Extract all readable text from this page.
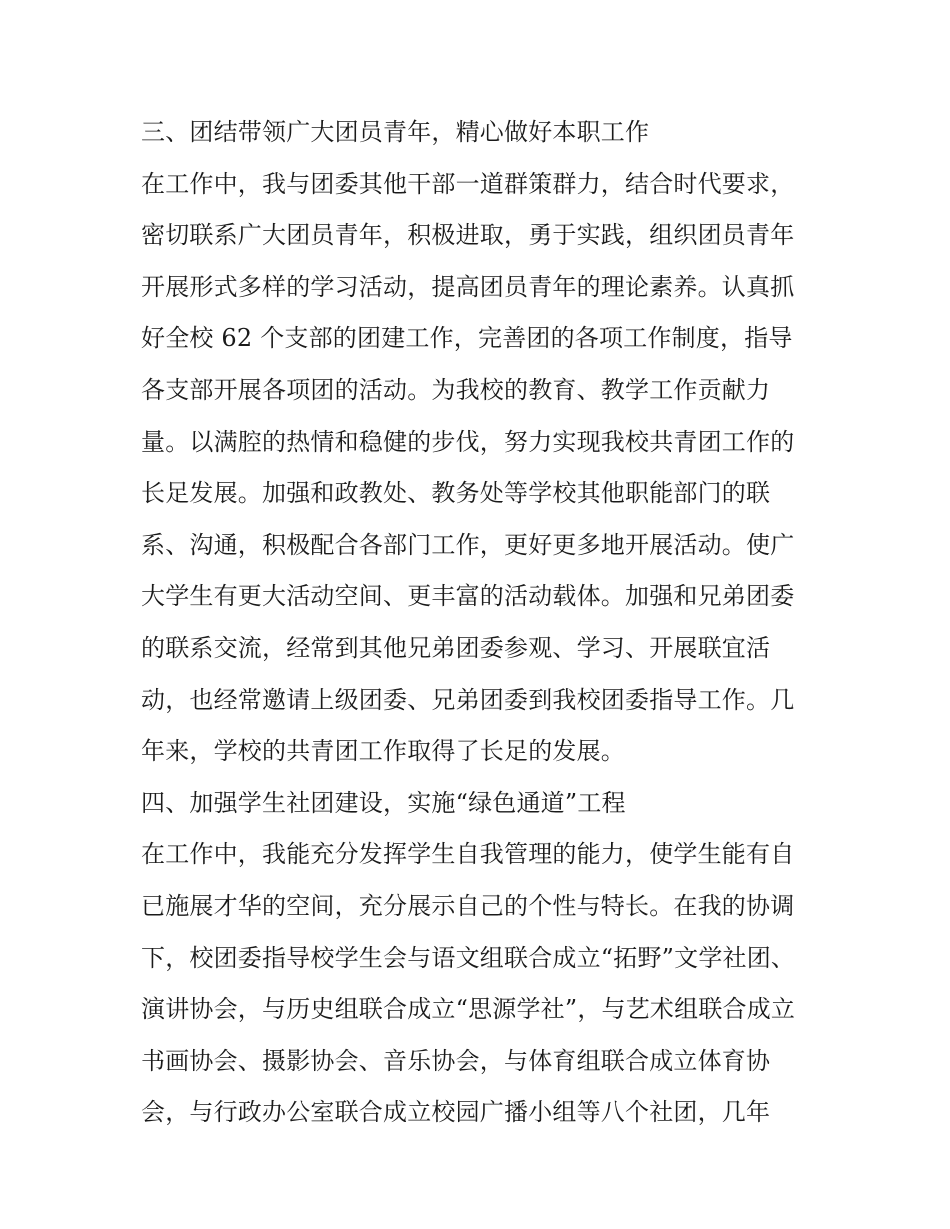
三、团结带领广大团员青年，精心做好本职工作
在工作中，我与团委其他干部一道群策群力，结合时代要求，
密切联系广大团员青年，积极进取，勇于实践，组织团员青年
开展形式多样的学习活动，提高团员青年的理论素养。认真抓
好全校 62 个支部的团建工作，完善团的各项工作制度，指导
各支部开展各项团的活动。为我校的教育、教学工作贡献力
量。以满腔的热情和稳健的步伐，努力实现我校共青团工作的
长足发展。加强和政教处、教务处等学校其他职能部门的联
系、沟通，积极配合各部门工作，更好更多地开展活动。使广
大学生有更大活动空间、更丰富的活动载体。加强和兄弟团委
的联系交流，经常到其他兄弟团委参观、学习、开展联宜活
动，也经常邀请上级团委、兄弟团委到我校团委指导工作。几
年来，学校的共青团工作取得了长足的发展。
四、加强学生社团建设，实施“绿色通道”工程
在工作中，我能充分发挥学生自我管理的能力，使学生能有自
已施展才华的空间，充分展示自己的个性与特长。在我的协调
下，校团委指导校学生会与语文组联合成立“拓野”文学社团、
演讲协会，与历史组联合成立“思源学社”，与艺术组联合成立
书画协会、摄影协会、音乐协会，与体育组联合成立体育协
会，与行政办公室联合成立校园广播小组等八个社团，几年
